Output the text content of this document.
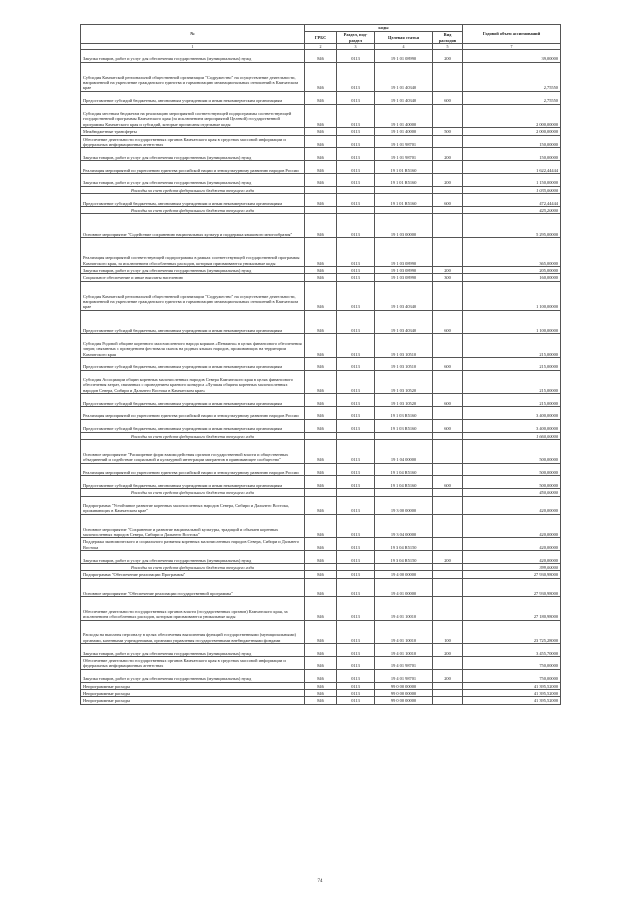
№	коды				Годовой объем ассигнований
	ГРБС	Раздел, под- раздел	Целевая статья	Вид расходов	
1	2	3	4	5	7
Закупка товаров, работ и услуг для обеспечения государственных (муниципальных) нужд	846	0113	19 1 01 08990	200	39,00000
Субсидия Камчатской региональной общественной организации "Содружество" на осуществление деятельности, направленной на укрепление гражданского единства и гармонизацию межнациональных отношений в Камчатском крае	846	0113	19 1 01 40340		2,75550
Предоставление субсидий бюджетным, автономным учреждениям и иным некоммерческим организациям	846	0113	19 1 01 40340	600	2,75550
Субсидия местным бюджетам на реализацию мероприятий соответствующей подпрограммы соответствующей государственной программы Камчатского края (за исключением мероприятий Целевой) государственной программы Камчатского края и субсидий, которые прописаны отдельные коды	846	0113	19 1 01 40000		2 000,00000
Межбюджетные трансферты	846	0113	19 1 01 40000	500	2 000,00000
Обеспечение деятельности государственных органов Камчатского края в средствах массовой информации и федеральных информационных агентствах	846	0113	19 1 01 98701		150,00000
Закупка товаров, работ и услуг для обеспечения государственных (муниципальных) нужд	846	0113	19 1 01 98701	200	150,00000
Реализация мероприятий по укреплению единства российской нации и этнокультурному развитию народов России	846	0113	19 1 01 R5160		1 622,44444
Закупка товаров, работ и услуг для обеспечения государственных (муниципальных) нужд	846	0113	19 1 01 R5160	200	1 150,00000
Расходы за счет средств федерального бюджета текущего года					1 035,00000
Предоставление субсидий бюджетным, автономным учреждениям и иным некоммерческим организациям	846	0113	19 1 01 R5160	600	472,44444
Расходы за счет средств федерального бюджета текущего года					425,20000
Основное мероприятие "Содействие сохранению национальных культур и поддержка языкового многообразия"	846	0113	19 1 03 00000		5 295,00000
Реализация мероприятий соответствующей подпрограммы в рамках соответствующей государственной программы Камчатского края, за исключением обособленных расходов, которым присваиваются уникальные коды	846	0113	19 1 03 08990		365,00000
Закупка товаров, работ и услуг для обеспечения государственных (муниципальных) нужд	846	0113	19 1 03 08990	200	205,00000
Социальное обеспечение и иные выплаты населению	846	0113	19 1 03 08990	300	160,00000
Субсидия Камчатской региональной общественной организации "Содружество" на осуществление деятельности, направленной на укрепление гражданского единства и гармонизацию межнациональных отношений в Камчатском крае	846	0113	19 1 03 40340		1 100,00000
Предоставление субсидий бюджетным, автономным учреждениям и иным некоммерческим организациям	846	0113	19 1 03 40340	600	1 100,00000
Субсидия Родовой общине коренного малочисленного народа коряков «Пенжина» в целях финансового обеспечения затрат, связанных с проведением фестиваля сказок на родных языках народов, проживающих на территории Камчатского края	846	0113	19 1 03 10510		215,00000
Предоставление субсидий бюджетным, автономным учреждениям и иным некоммерческим организациям	846	0113	19 1 03 10510	600	215,00000
Субсидия Ассоциации общин коренных малочисленных народов Севера Камчатского края в целях финансового обеспечения затрат, связанных с проведением краевого конкурса «Лучшая община коренных малочисленных народов Севера, Сибири и Дальнего Востока в Камчатском крае»	846	0113	19 1 03 10520		215,00000
Предоставление субсидий бюджетным, автономным учреждениям и иным некоммерческим организациям	846	0113	19 1 03 10520	600	215,00000
Реализация мероприятий по укреплению единства российской нации и этнокультурному развитию народов России	846	0113	19 1 03 R5160		3 400,00000
Предоставление субсидий бюджетным, автономным учреждениям и иным некоммерческим организациям	846	0113	19 1 03 R5160	600	3 400,00000
Расходы за счет средств федерального бюджета текущего года					1 660,00000
Основное мероприятие "Расширение форм взаимодействия органов государственной власти и общественных объединений и содействие социальной и культурной интеграции мигрантов в принимающее сообщество"	846	0113	19 1 04 00000		500,00000
Реализация мероприятий по укреплению единства российской нации и этнокультурному развитию народов России	846	0113	19 1 04 R5160		500,00000
Предоставление субсидий бюджетным, автономным учреждениям и иным некоммерческим организациям	846	0113	19 1 04 R5160	600	500,00000
Расходы за счет средств федерального бюджета текущего года					450,00000
Подпрограмма "Устойчивое развитие коренных малочисленных народов Севера, Сибири и Дальнего Востока, проживающих в Камчатском крае"	846	0113	19 3 00 00000		420,00000
Основное мероприятие "Сохранение и развитие национальной культуры, традиций и обычаев коренных малочисленных народов Севера, Сибири и Дальнего Востока"	846	0113	19 3 04 00000		420,00000
Поддержка экономического и социального развития коренных малочисленных народов Севера, Сибири и Дальнего Востока	846	0113	19 3 04 R5150		420,00000
Закупка товаров, работ и услуг для обеспечения государственных (муниципальных) нужд	846	0113	19 3 04 R5150	200	420,00000
Расходы за счет средств федерального бюджета текущего года					399,00000
Подпрограмма "Обеспечение реализации Программы"	846	0113	19 4 00 00000		27 930,98000
Основное мероприятие "Обеспечение реализации государственной программы"	846	0113	19 4 01 00000		27 930,98000
Обеспечение деятельности государственных органов власти (государственных органов) Камчатского края, за исключением обособленных расходов, которым присваиваются уникальные коды	846	0113	19 4 01 10010		27 180,98000
Расходы на выплаты персоналу в целях обеспечения выполнения функций государственными (муниципальными) органами, казенными учреждениями, органами управления государственными внебюджетными фондами	846	0113	19 4 01 10010	100	23 725,28000
Закупка товаров, работ и услуг для обеспечения государственных (муниципальных) нужд	846	0113	19 4 01 10010	200	3 455,70000
Обеспечение деятельности государственных органов Камчатского края в средствах массовой информации и федеральных информационных агентствах	846	0113	19 4 01 98701		750,00000
Закупка товаров, работ и услуг для обеспечения государственных (муниципальных) нужд	846	0113	19 4 01 98701	200	750,00000
Непрограммные расходы	846	0113	99 0 00 00000		41 395,52000
Непрограммные расходы	846	0113	99 0 00 00000		41 395,52000
Непрограммные расходы	846	0113	99 0 00 00000		41 395,52000
74
